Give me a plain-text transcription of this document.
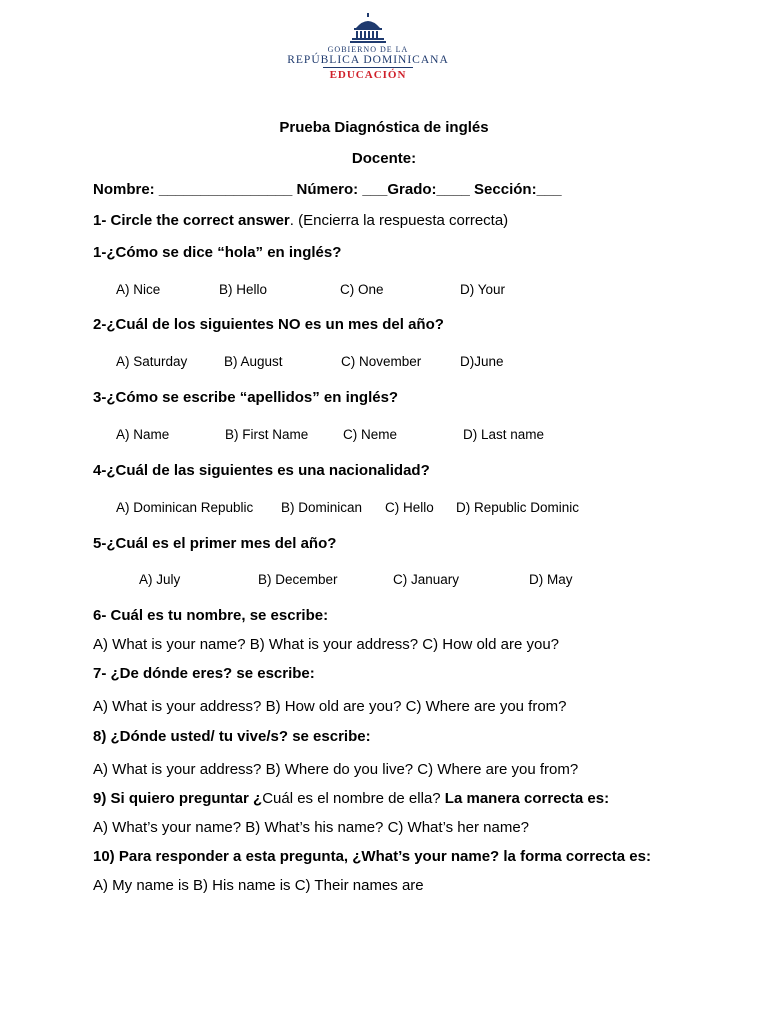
GOBIERNO DE LA
REPÚBLICA DOMINICANA
EDUCACIÓN
Prueba Diagnóstica de inglés
Docente:
Nombre: ________________ Número: ___Grado:____ Sección:___
1- Circle the correct answer. (Encierra la respuesta correcta)
1-¿Cómo se dice “hola” en inglés?
A) Nice	B) Hello	C) One	D) Your
2-¿Cuál de los siguientes NO es un mes del año?
A) Saturday	B) August	C) November	D)June
3-¿Cómo se escribe “apellidos” en inglés?
A) Name	B) First Name	C) Neme	D) Last name
4-¿Cuál de las siguientes es una nacionalidad?
A) Dominican Republic B) Dominican C) Hello D) Republic Dominic
5-¿Cuál es el primer mes del año?
A) July	B) December	C) January	D) May
6- Cuál es tu nombre, se escribe:
A) What is your name? B) What is your address? C) How old are you?
7- ¿De dónde eres? se escribe:
A) What is your address? B) How old are you? C) Where are you from?
8) ¿Dónde usted/ tu vive/s? se escribe:
A) What is your address? B) Where do you live? C) Where are you from?
9) Si quiero preguntar ¿Cuál es el nombre de ella? La manera correcta es:
A) What’s your name? B) What’s his name? C) What’s her name?
10) Para responder a esta pregunta, ¿What’s your name? la forma correcta es:
A) My name is B) His name is C) Their names are
